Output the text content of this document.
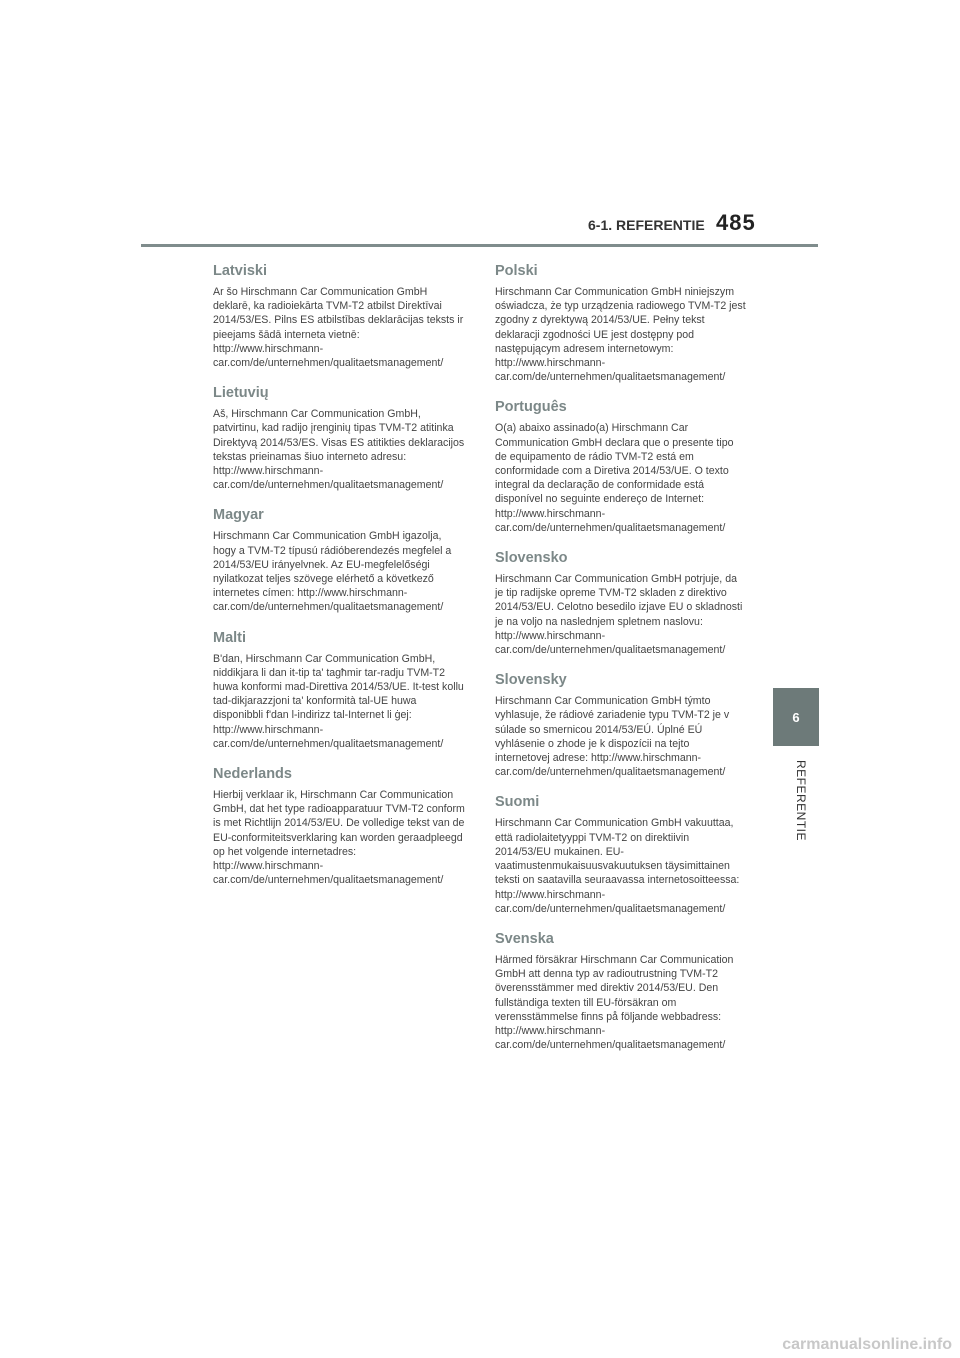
6-1. REFERENTIE 485
6
REFERENTIE
Latviski

Ar šo Hirschmann Car Communication GmbH deklarē, ka radioiekārta TVM-T2 atbilst Direktīvai 2014/53/ES. Pilns ES atbilstības deklarācijas teksts ir pieejams šādā interneta vietnē: http://www.hirschmann-car.com/de/unternehmen/qualitaetsmanagement/

Lietuvių

Aš, Hirschmann Car Communication GmbH, patvirtinu, kad radijo įrenginių tipas TVM-T2 atitinka Direktyvą 2014/53/ES. Visas ES atitikties deklaracijos tekstas prieinamas šiuo interneto adresu: http://www.hirschmann-car.com/de/unternehmen/qualitaetsmanagement/

Magyar

Hirschmann Car Communication GmbH igazolja, hogy a TVM-T2 típusú rádióberendezés megfelel a 2014/53/EU irányelvnek. Az EU-megfelelőségi nyilatkozat teljes szövege elérhető a következő internetes címen: http://www.hirschmann-car.com/de/unternehmen/qualitaetsmanagement/

Malti

B'dan, Hirschmann Car Communication GmbH, niddikjara li dan it-tip ta' tagħmir tar-radju TVM-T2 huwa konformi mad-Direttiva 2014/53/UE. It-test kollu tad-dikjarazzjoni ta' konformità tal-UE huwa disponibbli f'dan l-indirizz tal-Internet li ġej: http://www.hirschmann-car.com/de/unternehmen/qualitaetsmanagement/

Nederlands

Hierbij verklaar ik, Hirschmann Car Communication GmbH, dat het type radioapparatuur TVM-T2 conform is met Richtlijn 2014/53/EU. De volledige tekst van de EU-conformiteitsverklaring kan worden geraadpleegd op het volgende internetadres: http://www.hirschmann-car.com/de/unternehmen/qualitaetsmanagement/

Polski

Hirschmann Car Communication GmbH niniejszym oświadcza, że typ urządzenia radiowego TVM-T2 jest zgodny z dyrektywą 2014/53/UE. Pełny tekst deklaracji zgodności UE jest dostępny pod następującym adresem internetowym: http://www.hirschmann-car.com/de/unternehmen/qualitaetsmanagement/

Português

O(a) abaixo assinado(a) Hirschmann Car Communication GmbH declara que o presente tipo de equipamento de rádio TVM-T2 está em conformidade com a Diretiva 2014/53/UE. O texto integral da declaração de conformidade está disponível no seguinte endereço de Internet: http://www.hirschmann-car.com/de/unternehmen/qualitaetsmanagement/

Slovensko

Hirschmann Car Communication GmbH potrjuje, da je tip radijske opreme TVM-T2 skladen z direktivo 2014/53/EU. Celotno besedilo izjave EU o skladnosti je na voljo na naslednjem spletnem naslovu: http://www.hirschmann-car.com/de/unternehmen/qualitaetsmanagement/

Slovensky

Hirschmann Car Communication GmbH týmto vyhlasuje, že rádiové zariadenie typu TVM-T2 je v súlade so smernicou 2014/53/EÚ. Úplné EÚ vyhlásenie o zhode je k dispozícii na tejto internetovej adrese: http://www.hirschmann-car.com/de/unternehmen/qualitaetsmanagement/

Suomi

Hirschmann Car Communication GmbH vakuuttaa, että radiolaitetyyppi TVM-T2 on direktiivin 2014/53/EU mukainen. EU-vaatimustenmukaisuusvakuutuksen täysimittainen teksti on saatavilla seuraavassa internetosoitteessa: http://www.hirschmann-car.com/de/unternehmen/qualitaetsmanagement/

Svenska

Härmed försäkrar Hirschmann Car Communication GmbH att denna typ av radioutrustning TVM-T2 överensstämmer med direktiv 2014/53/EU. Den fullständiga texten till EU-försäkran om verensstämmelse finns på följande webbadress: http://www.hirschmann-car.com/de/unternehmen/qualitaetsmanagement/

carmanualsonline.info
